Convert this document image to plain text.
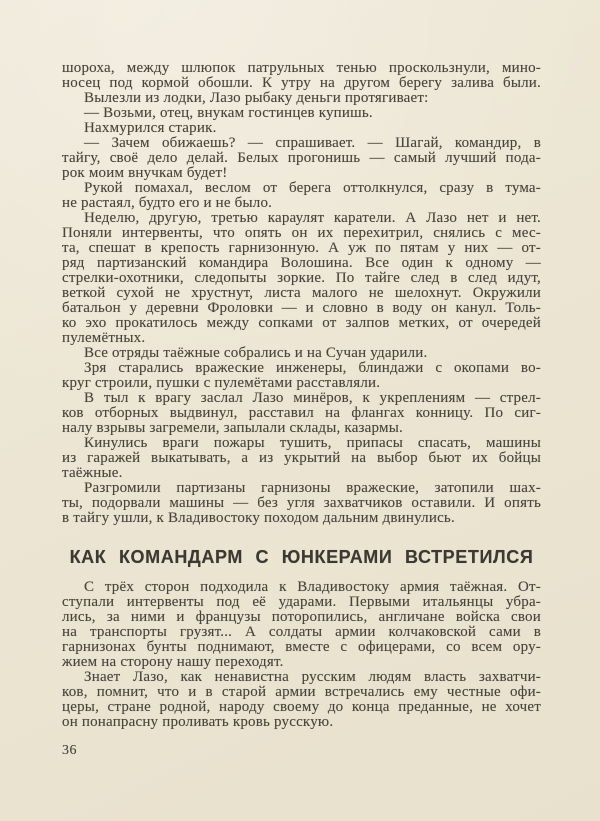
шороха, между шлюпок патрульных тенью проскользнули, мино-
носец под кормой обошли. К утру на другом берегу залива были.
Вылезли из лодки, Лазо рыбаку деньги протягивает:
— Возьми, отец, внукам гостинцев купишь.
Нахмурился старик.
— Зачем обижаешь? — спрашивает. — Шагай, командир, в
тайгу, своё дело делай. Белых прогонишь — самый лучший пода-
рок моим внучкам будет!
Рукой помахал, веслом от берега оттолкнулся, сразу в тума-
не растаял, будто его и не было.
Неделю, другую, третью караулят каратели. А Лазо нет и нет.
Поняли интервенты, что опять он их перехитрил, снялись с мес-
та, спешат в крепость гарнизонную. А уж по пятам у них — от-
ряд партизанский командира Волошина. Все один к одному —
стрелки-охотники, следопыты зоркие. По тайге след в след идут,
веткой сухой не хрустнут, листа малого не шелохнут. Окружили
батальон у деревни Фроловки — и словно в воду он канул. Толь-
ко эхо прокатилось между сопками от залпов метких, от очередей
пулемётных.
Все отряды таёжные собрались и на Сучан ударили.
Зря старались вражеские инженеры, блиндажи с окопами во-
круг строили, пушки с пулемётами расставляли.
В тыл к врагу заслал Лазо минёров, к укреплениям — стрел-
ков отборных выдвинул, расставил на флангах конницу. По сиг-
налу взрывы загремели, запылали склады, казармы.
Кинулись враги пожары тушить, припасы спасать, машины
из гаражей выкатывать, а из укрытий на выбор бьют их бойцы
таёжные.
Разгромили партизаны гарнизоны вражеские, затопили шах-
ты, подорвали машины — без угля захватчиков оставили. И опять
в тайгу ушли, к Владивостоку походом дальним двинулись.
КАК КОМАНДАРМ С ЮНКЕРАМИ ВСТРЕТИЛСЯ
С трёх сторон подходила к Владивостоку армия таёжная. От-
ступали интервенты под её ударами. Первыми итальянцы убра-
лись, за ними и французы поторопились, англичане войска свои
на транспорты грузят... А солдаты армии колчаковской сами в
гарнизонах бунты поднимают, вместе с офицерами, со всем ору-
жием на сторону нашу переходят.
Знает Лазо, как ненавистна русским людям власть захватчи-
ков, помнит, что и в старой армии встречались ему честные офи-
церы, стране родной, народу своему до конца преданные, не хочет
он понапрасну проливать кровь русскую.
36
